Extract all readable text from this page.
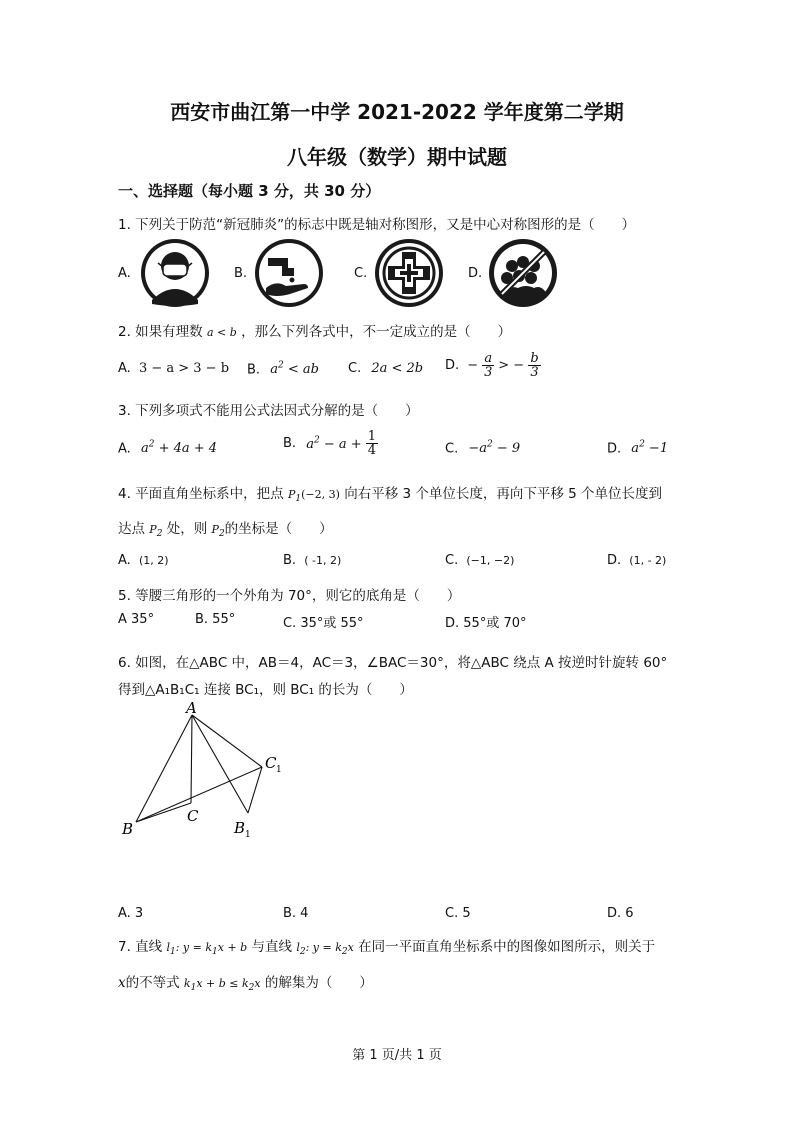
西安市曲江第一中学 2021-2022 学年度第二学期
八年级（数学）期中试题
一、选择题（每小题 3 分，共 30 分）
1. 下列关于防范“新冠肺炎”的标志中既是轴对称图形，又是中心对称图形的是（　　）
A.	B.	C.	D.
2. 如果有理数 a < b ，那么下列各式中，不一定成立的是（　　）
A. 3 − a > 3 − b B. $a^2$ < ab C. 2a < 2b D. − $\frac{a}{3}$ > − $\frac{b}{3}$
3. 下列多项式不能用公式法因式分解的是（　　）
A. $a^2 + 4a + 4$	B. $a^2 - a + \frac{1}{4}$	C. $-a^2 - 9$	D. $a^2 -1$
4. 平面直角坐标系中，把点 $P_1(-2$, 3) 向右平移 3 个单位长度，再向下平移 5 个单位长度到
达点 $P_2$ 处，则 $P_2$的坐标是（　　）
A. (1, 2)	B. ( -1, 2)	C. (−1, −2)	D. (1, - 2)
5. 等腰三角形的一个外角为 70°，则它的底角是（　　）
A 35°	B. 55°	C. 35°或 55°	D. 55°或 70°
6. 如图，在△ABC 中，AB＝4，AC＝3，∠BAC＝30°，将△ABC 绕点 A 按逆时针旋转 60°
得到△A₁B₁C₁ 连接 BC₁，则 BC₁ 的长为（　　）
A
B
C
C 1
B 1
A. 3	B. 4	C. 5	D. 6
7. 直线 $l_1$: $y = k_1x + b$ 与直线 $l_2$: $y = k_2x$ 在同一平面直角坐标系中的图像如图所示，则关于
x的不等式 $k_1x + b \le k_2x$ 的解集为（　　）
第 1 页/共 1 页
